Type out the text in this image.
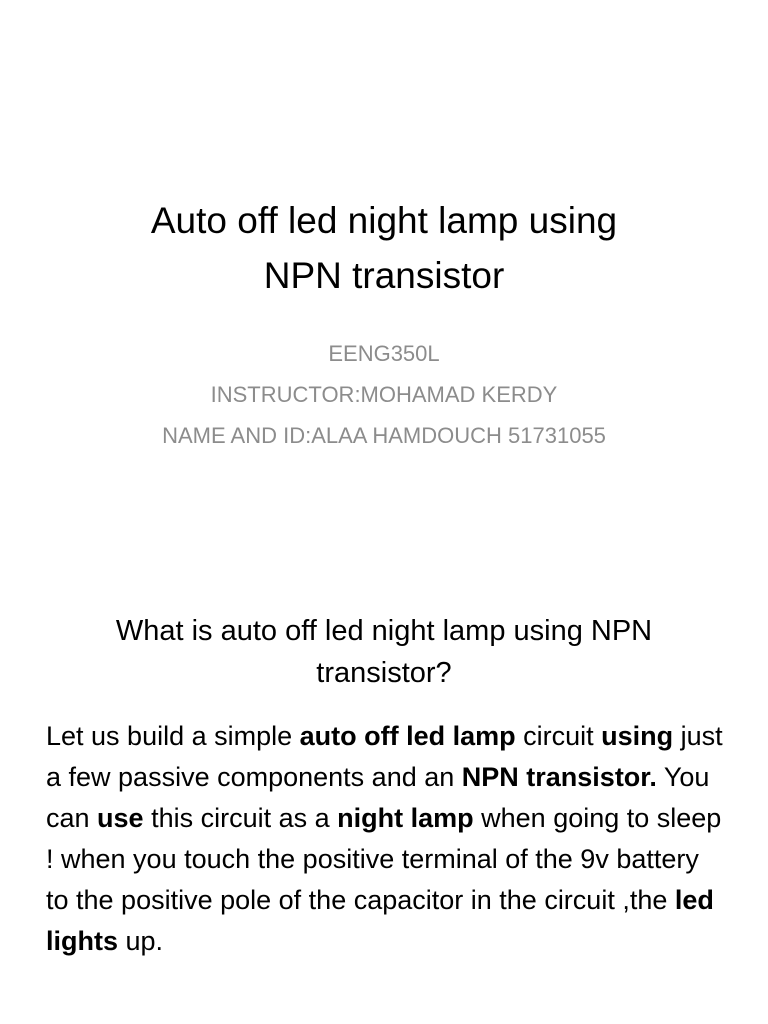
Auto off led night lamp using
NPN transistor
EENG350L
INSTRUCTOR:MOHAMAD KERDY
NAME AND ID:ALAA HAMDOUCH 51731055
What is auto off led night lamp using NPN
transistor?

Let us build a simple auto off led lamp circuit using just a few passive components and an NPN transistor. You can use this circuit as a night lamp when going to sleep ! when you touch the positive terminal of the 9v battery to the positive pole of the capacitor in the circuit ,the led lights up.
